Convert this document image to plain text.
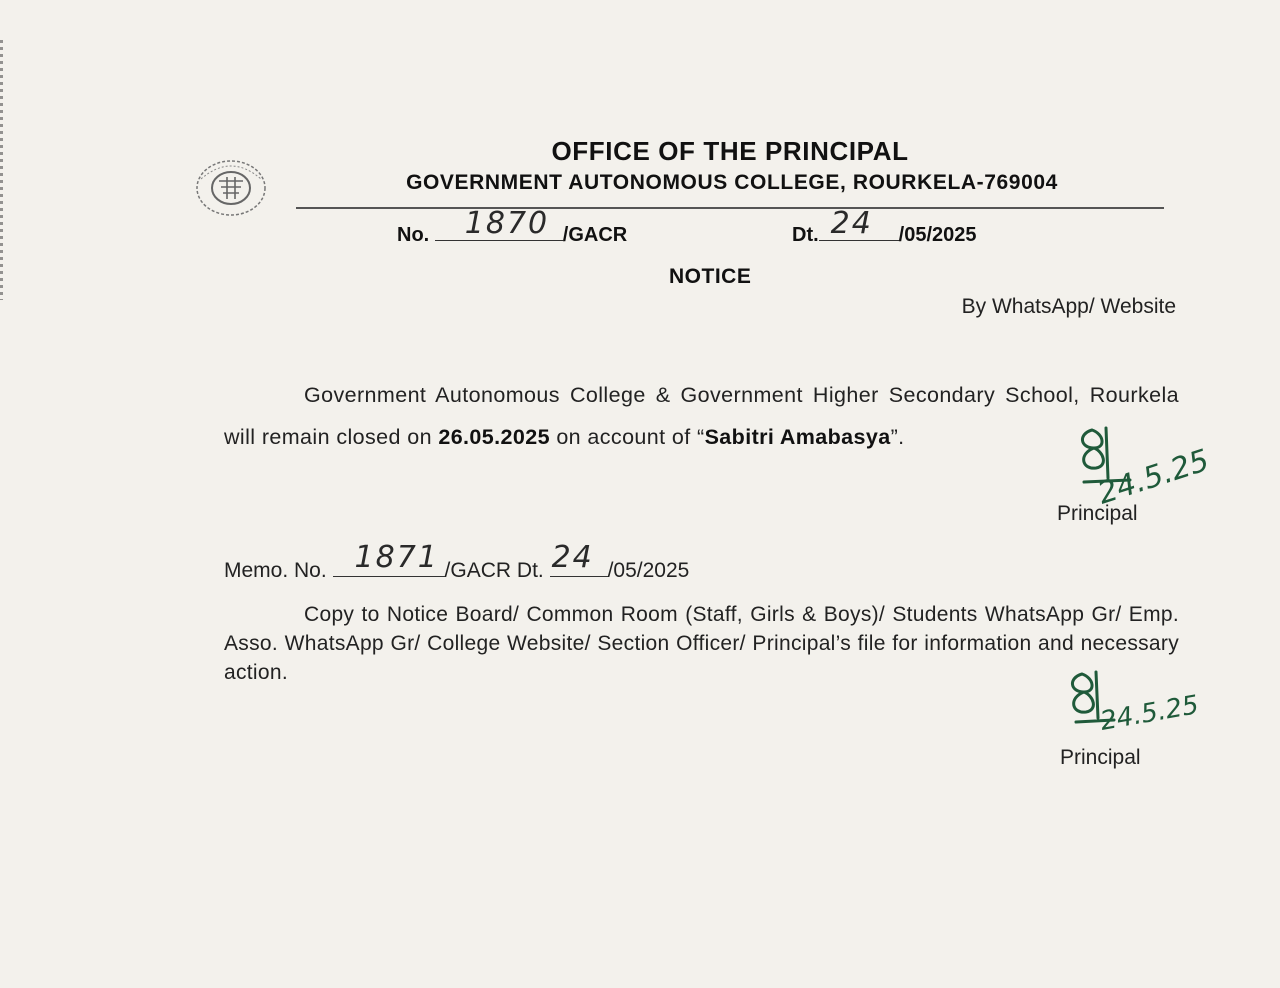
OFFICE OF THE PRINCIPAL
GOVERNMENT AUTONOMOUS COLLEGE, ROURKELA-769004
No. 1870 /GACR	Dt. 24 /05/2025
NOTICE
By WhatsApp/ Website
Government Autonomous College & Government Higher Secondary School, Rourkela will remain closed on 26.05.2025 on account of “Sabitri Amabasya”.
24.5.25
Principal
Memo. No. 1871 /GACR Dt. 24 /05/2025
Copy to Notice Board/ Common Room (Staff, Girls & Boys)/ Students WhatsApp Gr/ Emp. Asso. WhatsApp Gr/ College Website/ Section Officer/ Principal’s file for information and necessary action.
24.5.25
Principal
